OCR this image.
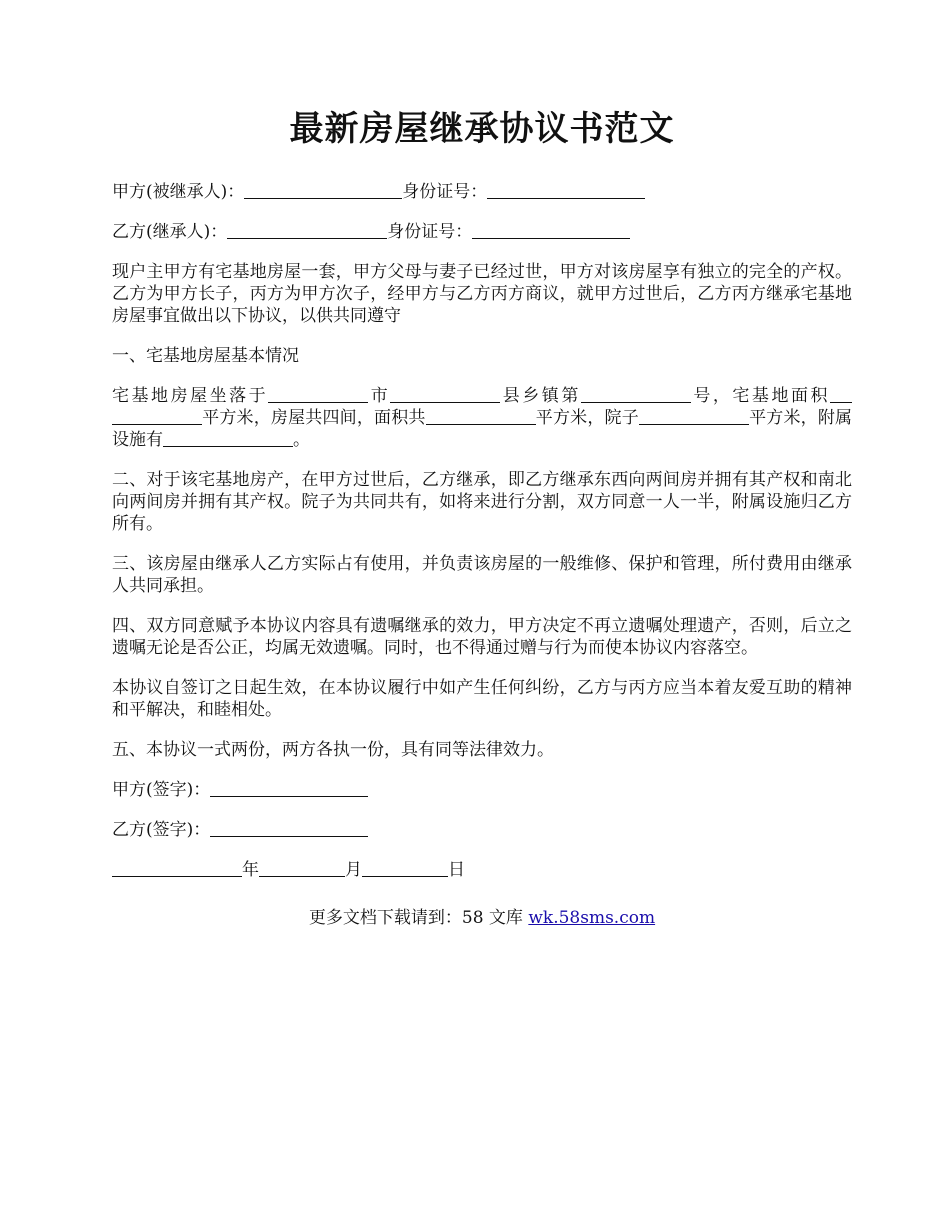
最新房屋继承协议书范文

甲方(被继承人)：	身份证号：

乙方(继承人)：	身份证号：

现户主甲方有宅基地房屋一套，甲方父母与妻子已经过世，甲方对该房屋享有独立的完全的产权。乙方为甲方长子，丙方为甲方次子，经甲方与乙方丙方商议，就甲方过世后，乙方丙方继承宅基地房屋事宜做出以下协议，以供共同遵守

一、宅基地房屋基本情况

宅基地房屋坐落于	市	县乡镇第	号，宅基地面积平方米，房屋共四间，面积共	平方米，院子	平方米，附属设施有	。

二、对于该宅基地房产，在甲方过世后，乙方继承，即乙方继承东西向两间房并拥有其产权和南北向两间房并拥有其产权。院子为共同共有，如将来进行分割，双方同意一人一半，附属设施归乙方所有。

三、该房屋由继承人乙方实际占有使用，并负责该房屋的一般维修、保护和管理，所付费用由继承人共同承担。

四、双方同意赋予本协议内容具有遗嘱继承的效力，甲方决定不再立遗嘱处理遗产，否则，后立之遗嘱无论是否公正，均属无效遗嘱。同时，也不得通过赠与行为而使本协议内容落空。

本协议自签订之日起生效，在本协议履行中如产生任何纠纷，乙方与丙方应当本着友爱互助的精神和平解决，和睦相处。

五、本协议一式两份，两方各执一份，具有同等法律效力。

甲方(签字)：

乙方(签字)：

年	月	日

更多文档下载请到：58 文库 wk.58sms.com
